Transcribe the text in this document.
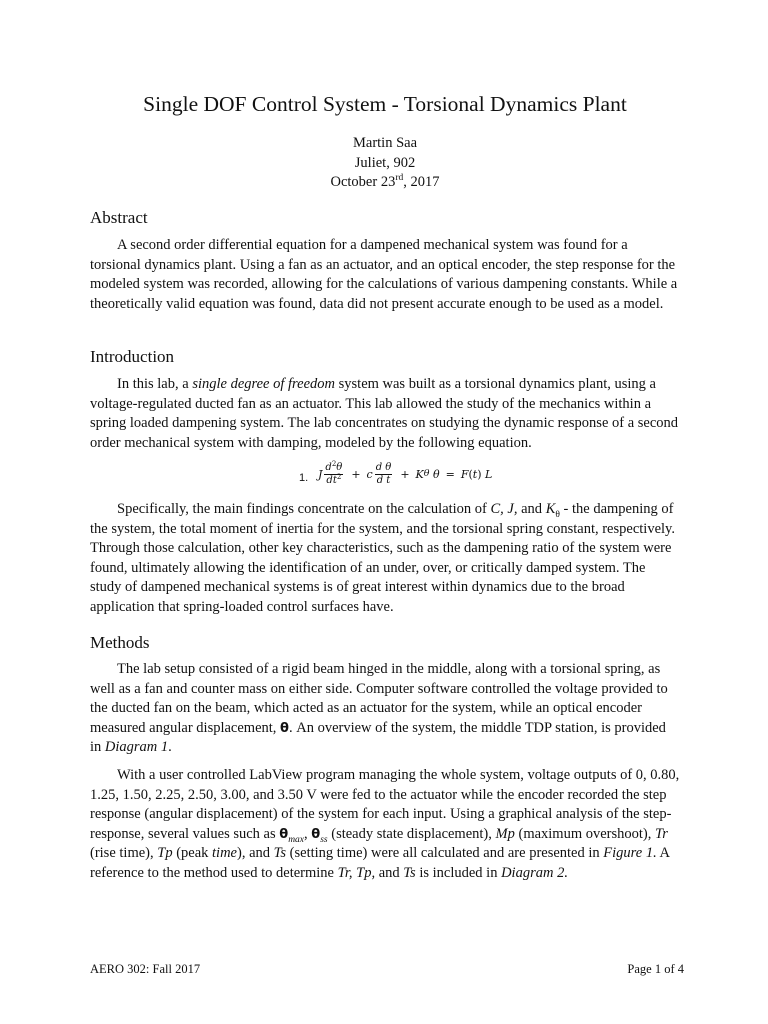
Single DOF Control System - Torsional Dynamics Plant
Martin Saa
Juliet, 902
October 23rd, 2017
Abstract

A second order differential equation for a dampened mechanical system was found for a torsional dynamics plant. Using a fan as an actuator, and an optical encoder, the step response for the modeled system was recorded, allowing for the calculations of various dampening constants. While a theoretically valid equation was found, data did not present accurate enough to be used as a model.

Introduction

In this lab, a single degree of freedom system was built as a torsional dynamics plant, using a voltage-regulated ducted fan as an actuator. This lab allowed the study of the mechanics within a spring loaded dampening system. The lab concentrates on studying the dynamic response of a second order mechanical system with damping, modeled by the following equation.

1. J $\frac{d^2\theta}{dt^2} + c \frac{\text{d θ}}{\text{d t}} + K$ θ
θ = F ( t ) L

Specifically, the main findings concentrate on the calculation of C, J, and $K_\theta$ - the dampening of the system, the total moment of inertia for the system, and the torsional spring constant, respectively. Through those calculation, other key characteristics, such as the dampening ratio of the system were found, ultimately allowing the identification of an under, over, or critically damped system. The study of dampened mechanical systems is of great interest within dynamics due to the broad application that spring-loaded control surfaces have.

Methods

The lab setup consisted of a rigid beam hinged in the middle, along with a torsional spring, as well as a fan and counter mass on either side. Computer software controlled the voltage provided to the ducted fan on the beam, which acted as an actuator for the system, while an optical encoder measured angular displacement, θ. An overview of the system, the middle TDP station, is provided in Diagram 1.

With a user controlled LabView program managing the whole system, voltage outputs of 0, 0.80, 1.25, 1.50, 2.25, 2.50, 3.00, and 3.50 V were fed to the actuator while the encoder recorded the step response (angular displacement) of the system for each input. Using a graphical analysis of the step-response, several values such as $\theta_{max}$, $\theta_{ss}$ (steady state displacement), Mp (maximum overshoot), Tr (rise time), Tp (peak time), and Ts (setting time) were all calculated and are presented in Figure 1. A reference to the method used to determine Tr, Tp, and Ts is included in Diagram 2.

AERO 302: Fall 2017	Page 1 of 4
